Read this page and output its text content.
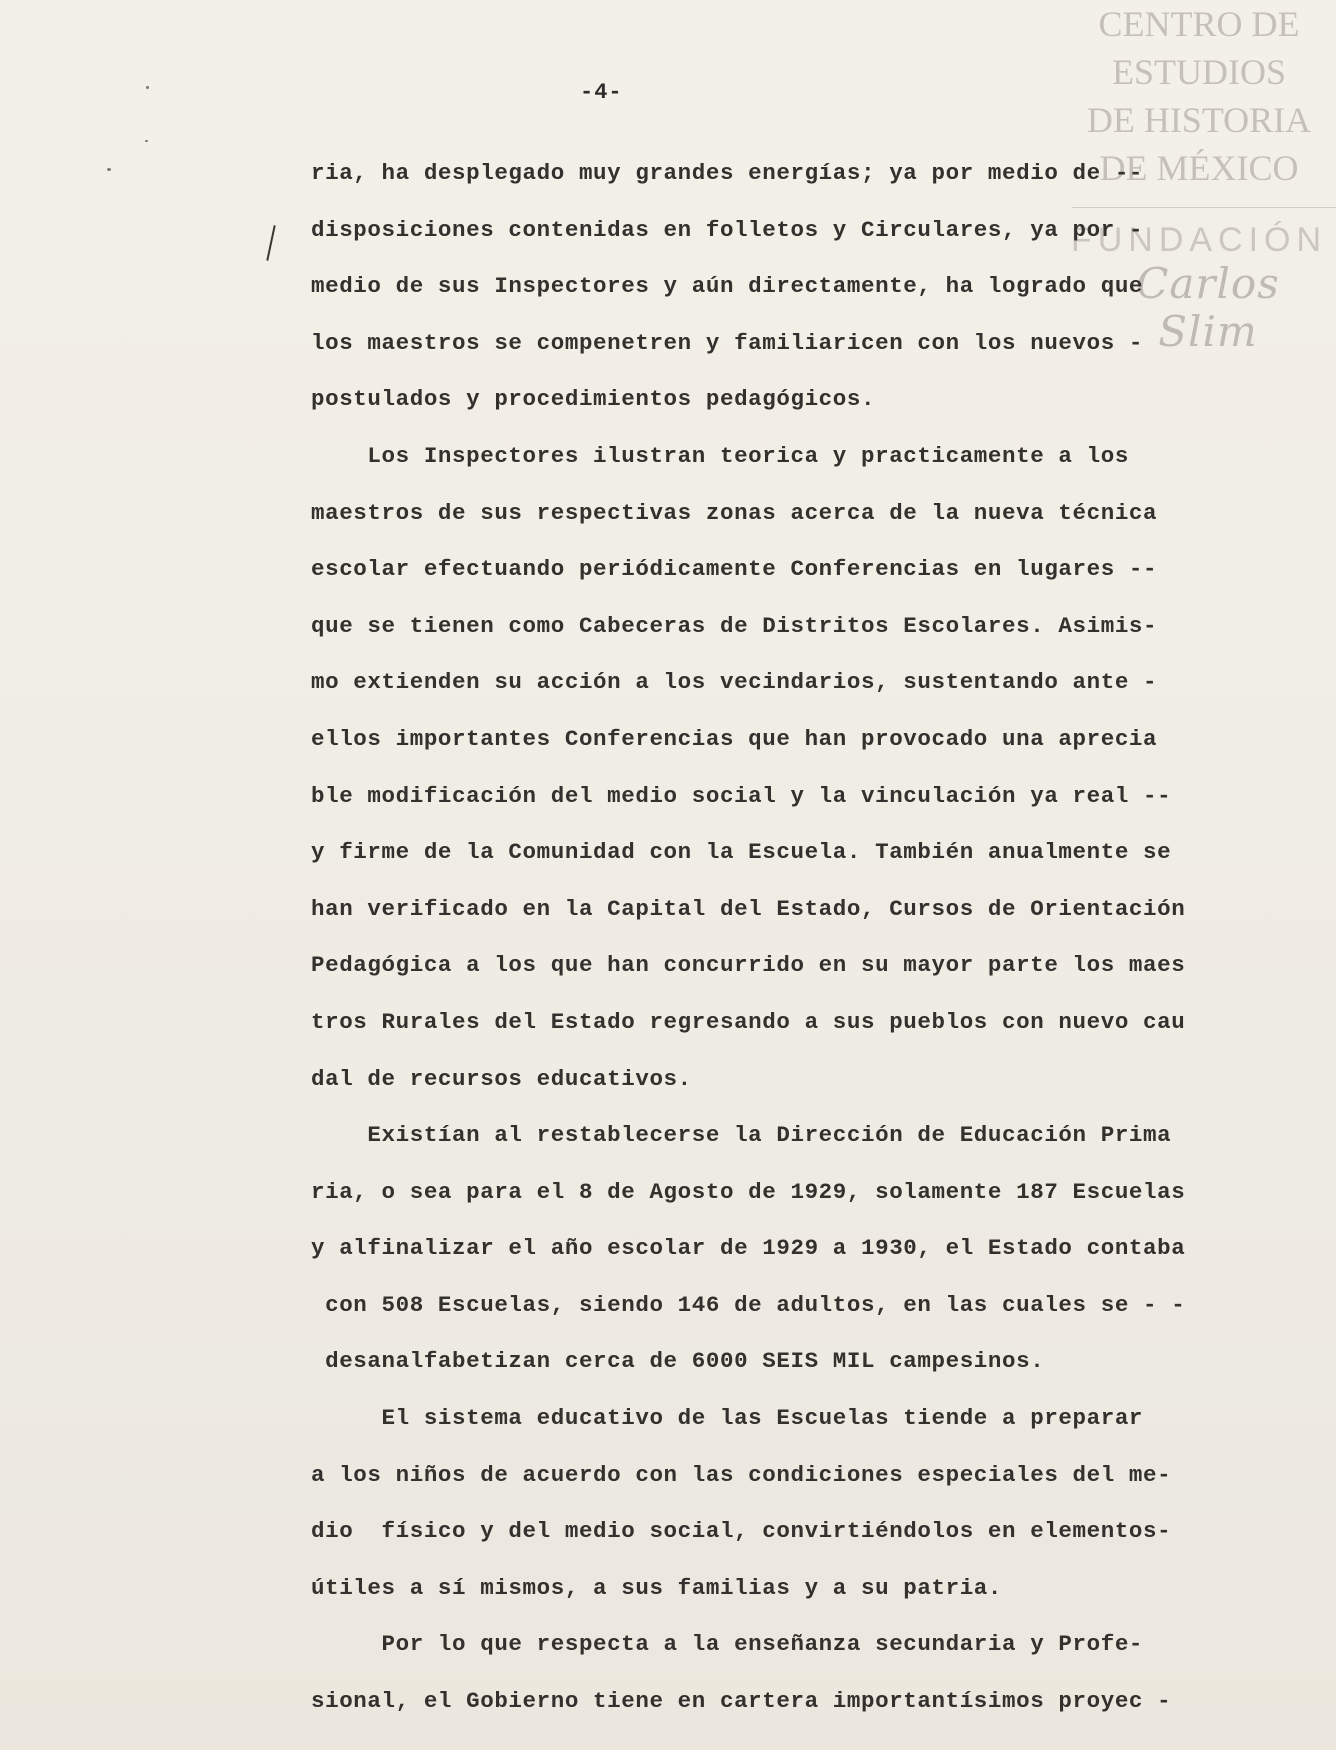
-4-
CENTRO DE
ESTUDIOS
DE HISTORIA
DE MÉXICO
FUNDACIÓN
Carlos Slim
ria, ha desplegado muy grandes energías; ya por medio de --
disposiciones contenidas en folletos y Circulares, ya por -
medio de sus Inspectores y aún directamente, ha logrado que
los maestros se compenetren y familiaricen con los nuevos -
postulados y procedimientos pedagógicos.
Los Inspectores ilustran teorica y practicamente a los
maestros de sus respectivas zonas acerca de la nueva técnica
escolar efectuando periódicamente Conferencias en lugares --
que se tienen como Cabeceras de Distritos Escolares. Asimis-
mo extienden su acción a los vecindarios, sustentando ante -
ellos importantes Conferencias que han provocado una aprecia
ble modificación del medio social y la vinculación ya real --
y firme de la Comunidad con la Escuela. También anualmente se
han verificado en la Capital del Estado, Cursos de Orientación
Pedagógica a los que han concurrido en su mayor parte los maes
tros Rurales del Estado regresando a sus pueblos con nuevo cau
dal de recursos educativos.
Existían al restablecerse la Dirección de Educación Prima
ria, o sea para el 8 de Agosto de 1929, solamente 187 Escuelas
y alfinalizar el año escolar de 1929 a 1930, el Estado contaba
con 508 Escuelas, siendo 146 de adultos, en las cuales se - -
desanalfabetizan cerca de 6000 SEIS MIL campesinos.
El sistema educativo de las Escuelas tiende a preparar
a los niños de acuerdo con las condiciones especiales del me-
dio  físico y del medio social, convirtiéndolos en elementos-
útiles a sí mismos, a sus familias y a su patria.
Por lo que respecta a la enseñanza secundaria y Profe-
sional, el Gobierno tiene en cartera importantísimos proyec -
